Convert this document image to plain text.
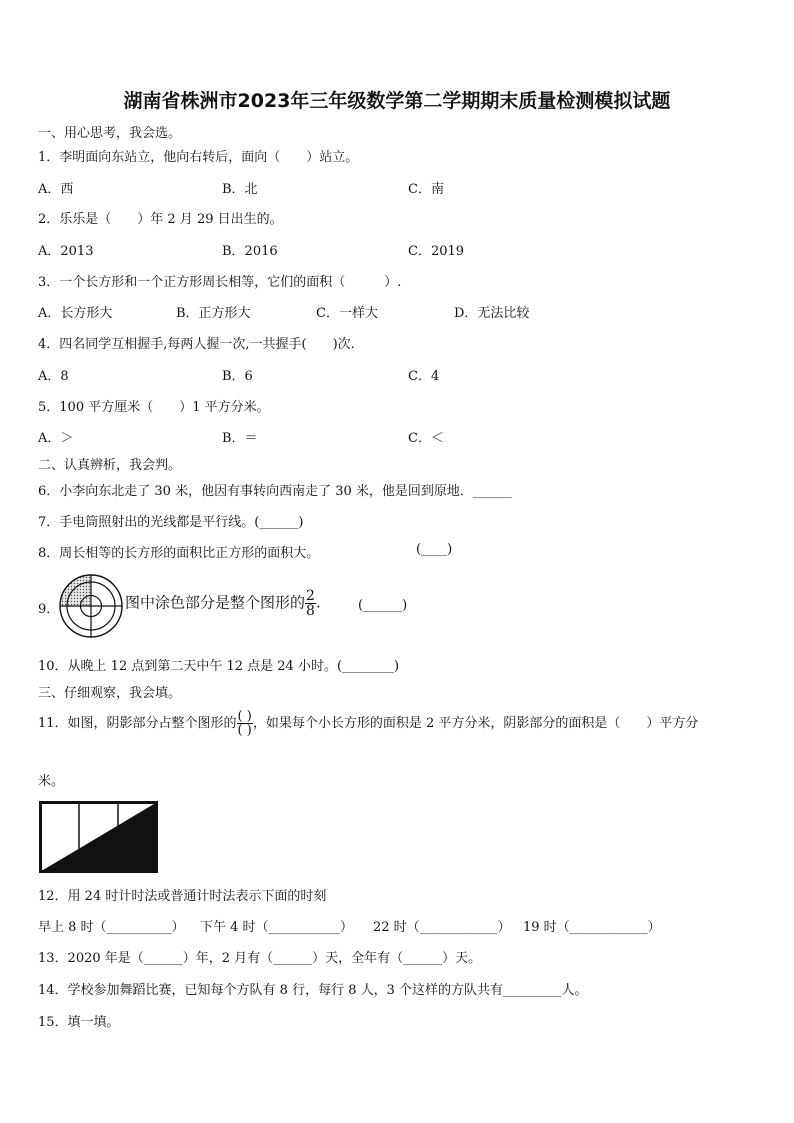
湖南省株洲市2023年三年级数学第二学期期末质量检测模拟试题
一、用心思考，我会选。
1．李明面向东站立，他向右转后，面向（　　）站立。
A．西	B．北	C．南
2．乐乐是（　　）年 2 月 29 日出生的。
A．2013	B．2016	C．2019
3．一个长方形和一个正方形周长相等，它们的面积（　　　）.
A．长方形大	B．正方形大	C．一样大	D．无法比较
4．四名同学互相握手,每两人握一次,一共握手(　　)次.
A．8	B．6	C．4
5．100 平方厘米（　　）1 平方分米。
A．＞	B．＝	C．＜
二、认真辨析，我会判。
6．小李向东北走了 30 米，他因有事转向西南走了 30 米，他是回到原地．______
7．手电筒照射出的光线都是平行线。(______)
8．周长相等的长方形的面积比正方形的面积大。	(____)
9．	图中涂色部分是整个图形的 $\frac{2}{8}$ .	(______)
10．从晚上 12 点到第二天中午 12 点是 24 小时。(________)
三、仔细观察，我会填。
11．如图，阴影部分占整个图形的 $\frac{( )}{( )}$ ，如果每个小长方形的面积是 2 平方分米，阴影部分的面积是（　　）平方分
米。
12．用 24 时计时法或普通计时法表示下面的时刻
早上 8 时（__________） 下午 4 时（___________） 22 时（____________） 19 时（____________）
13．2020 年是（______）年，2 月有（______）天，全年有（______）天。
14．学校参加舞蹈比赛，已知每个方队有 8 行，每行 8 人，3 个这样的方队共有_________人。
15．填一填。
